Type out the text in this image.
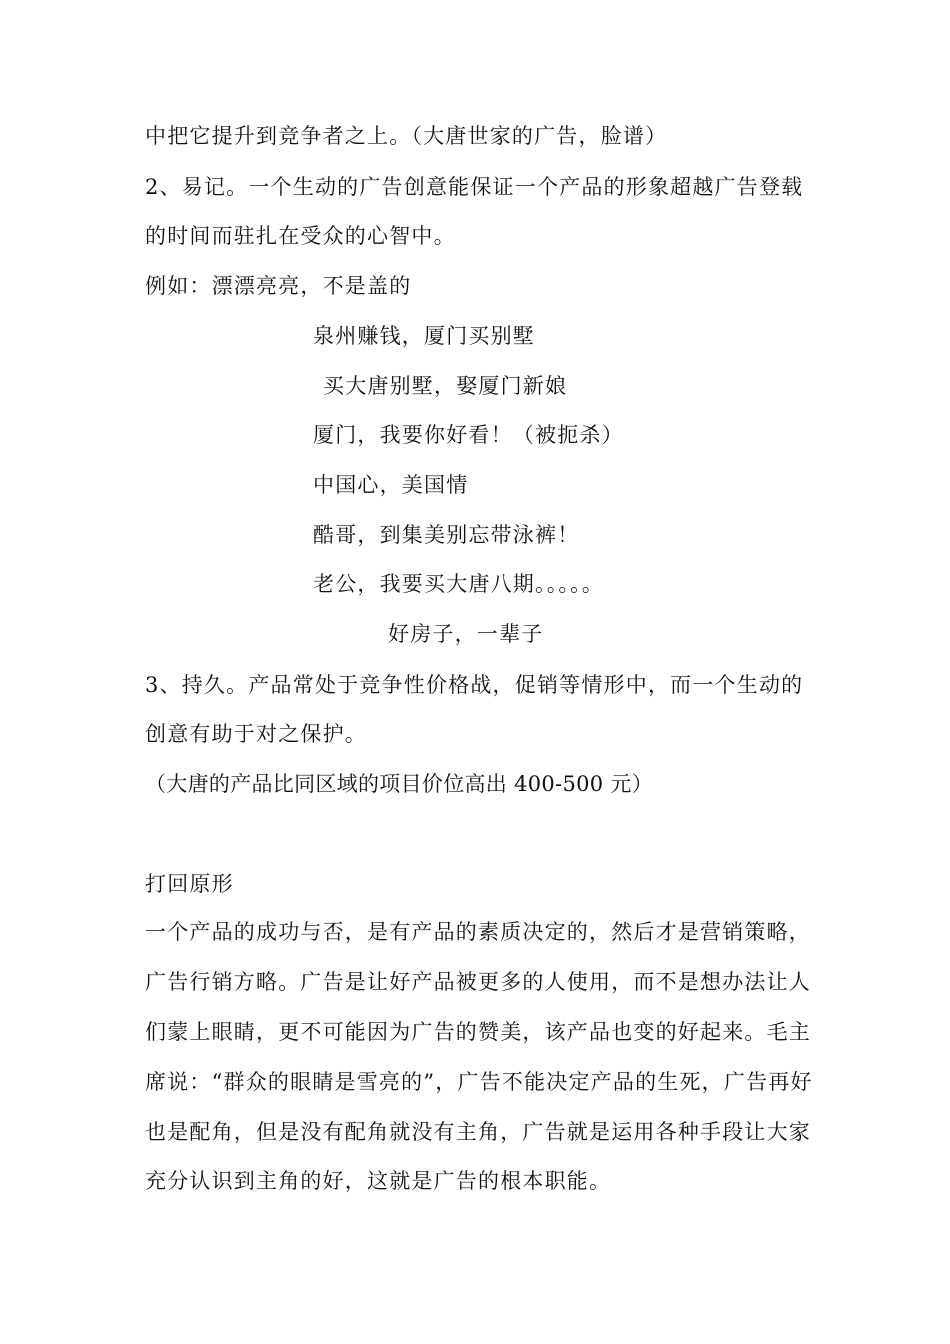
中把它提升到竞争者之上。（大唐世家的广告，脸谱）
2、易记。一个生动的广告创意能保证一个产品的形象超越广告登载
的时间而驻扎在受众的心智中。
例如：漂漂亮亮，不是盖的
泉州赚钱，厦门买别墅
买大唐别墅，娶厦门新娘
厦门，我要你好看！（被扼杀）
中国心，美国情
酷哥，到集美别忘带泳裤！
老公，我要买大唐八期。。。。。
好房子，一辈子
3、持久。产品常处于竞争性价格战，促销等情形中，而一个生动的
创意有助于对之保护。
（大唐的产品比同区域的项目价位高出 400-500 元）
打回原形
一个产品的成功与否，是有产品的素质决定的，然后才是营销策略，
广告行销方略。广告是让好产品被更多的人使用，而不是想办法让人
们蒙上眼睛，更不可能因为广告的赞美，该产品也变的好起来。毛主
席说：“群众的眼睛是雪亮的”，广告不能决定产品的生死，广告再好
也是配角，但是没有配角就没有主角，广告就是运用各种手段让大家
充分认识到主角的好，这就是广告的根本职能。
